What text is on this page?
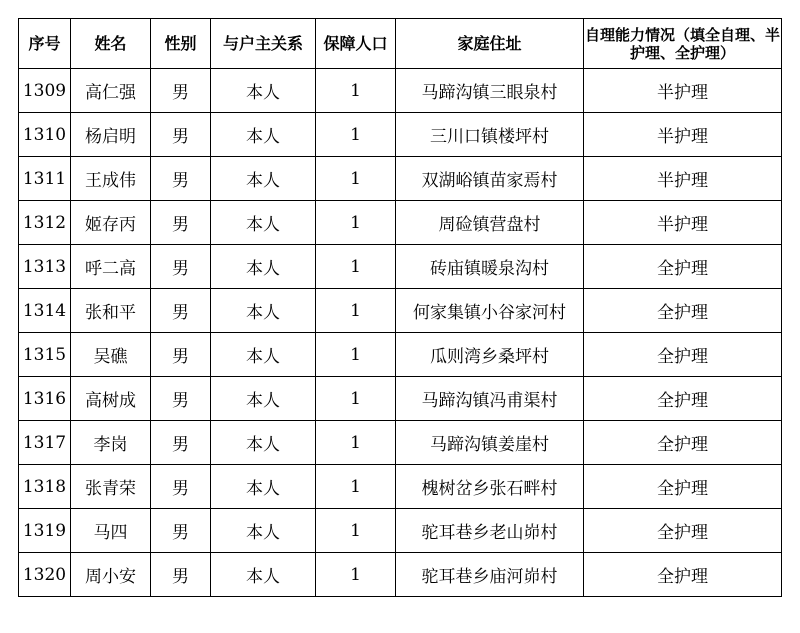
序号	姓名	性别	与户主关系	保障人口	家庭住址	自理能力情况（填全自理、半护理、全护理）
1309	高仁强	男	本人	1	马蹄沟镇三眼泉村	半护理
1310	杨启明	男	本人	1	三川口镇楼坪村	半护理
1311	王成伟	男	本人	1	双湖峪镇苗家焉村	半护理
1312	姬存丙	男	本人	1	周硷镇营盘村	半护理
1313	呼二高	男	本人	1	砖庙镇暖泉沟村	全护理
1314	张和平	男	本人	1	何家集镇小谷家河村	全护理
1315	吴礁	男	本人	1	瓜则湾乡桑坪村	全护理
1316	高树成	男	本人	1	马蹄沟镇冯甫渠村	全护理
1317	李岗	男	本人	1	马蹄沟镇姜崖村	全护理
1318	张青荣	男	本人	1	槐树岔乡张石畔村	全护理
1319	马四	男	本人	1	驼耳巷乡老山峁村	全护理
1320	周小安	男	本人	1	驼耳巷乡庙河峁村	全护理
